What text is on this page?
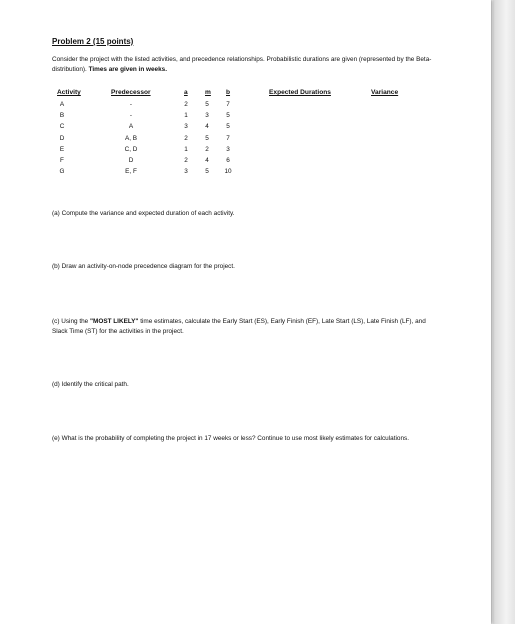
Problem 2 (15 points)
Consider the project with the listed activities, and precedence relationships. Probabilistic durations are given (represented by the Beta-distribution). Times are given in weeks.
Activity	Predecessor	a	m b	Expected Durations	Variance
A	-	2	5	7
B	-	1	3	5
C	A	3	4	5
D	A, B	2	5	7
E	C, D	1	2	3
F	D	2	4	6
G	E, F	3	5 10
(a) Compute the variance and expected duration of each activity.
(b) Draw an activity-on-node precedence diagram for the project.
(c) Using the "MOST LIKELY" time estimates, calculate the Early Start (ES), Early Finish (EF), Late Start (LS), Late Finish (LF), and Slack Time (ST) for the activities in the project.
(d) Identify the critical path.
(e) What is the probability of completing the project in 17 weeks or less? Continue to use most likely estimates for calculations.
